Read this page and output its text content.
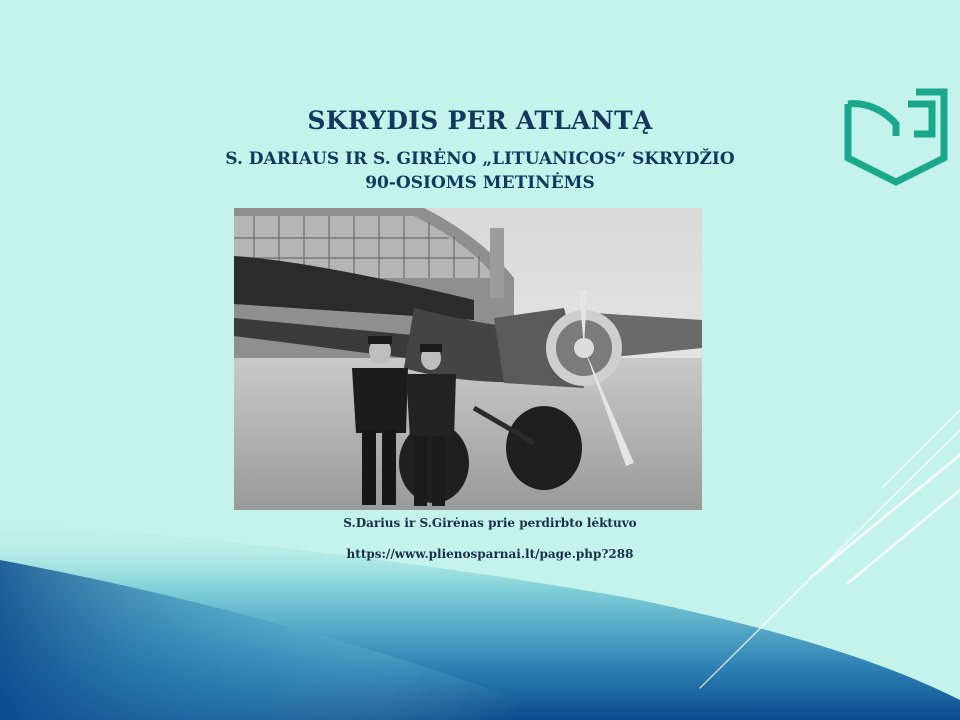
SKRYDIS PER ATLANTĄ
S. DARIAUS IR S. GIRĖNO „LITUANICOS“ SKRYDŽIO
90-OSIOMS METINĖMS

S.Darius ir S.Girėnas prie perdirbto lėktuvo

https://www.plienosparnai.lt/page.php?288
